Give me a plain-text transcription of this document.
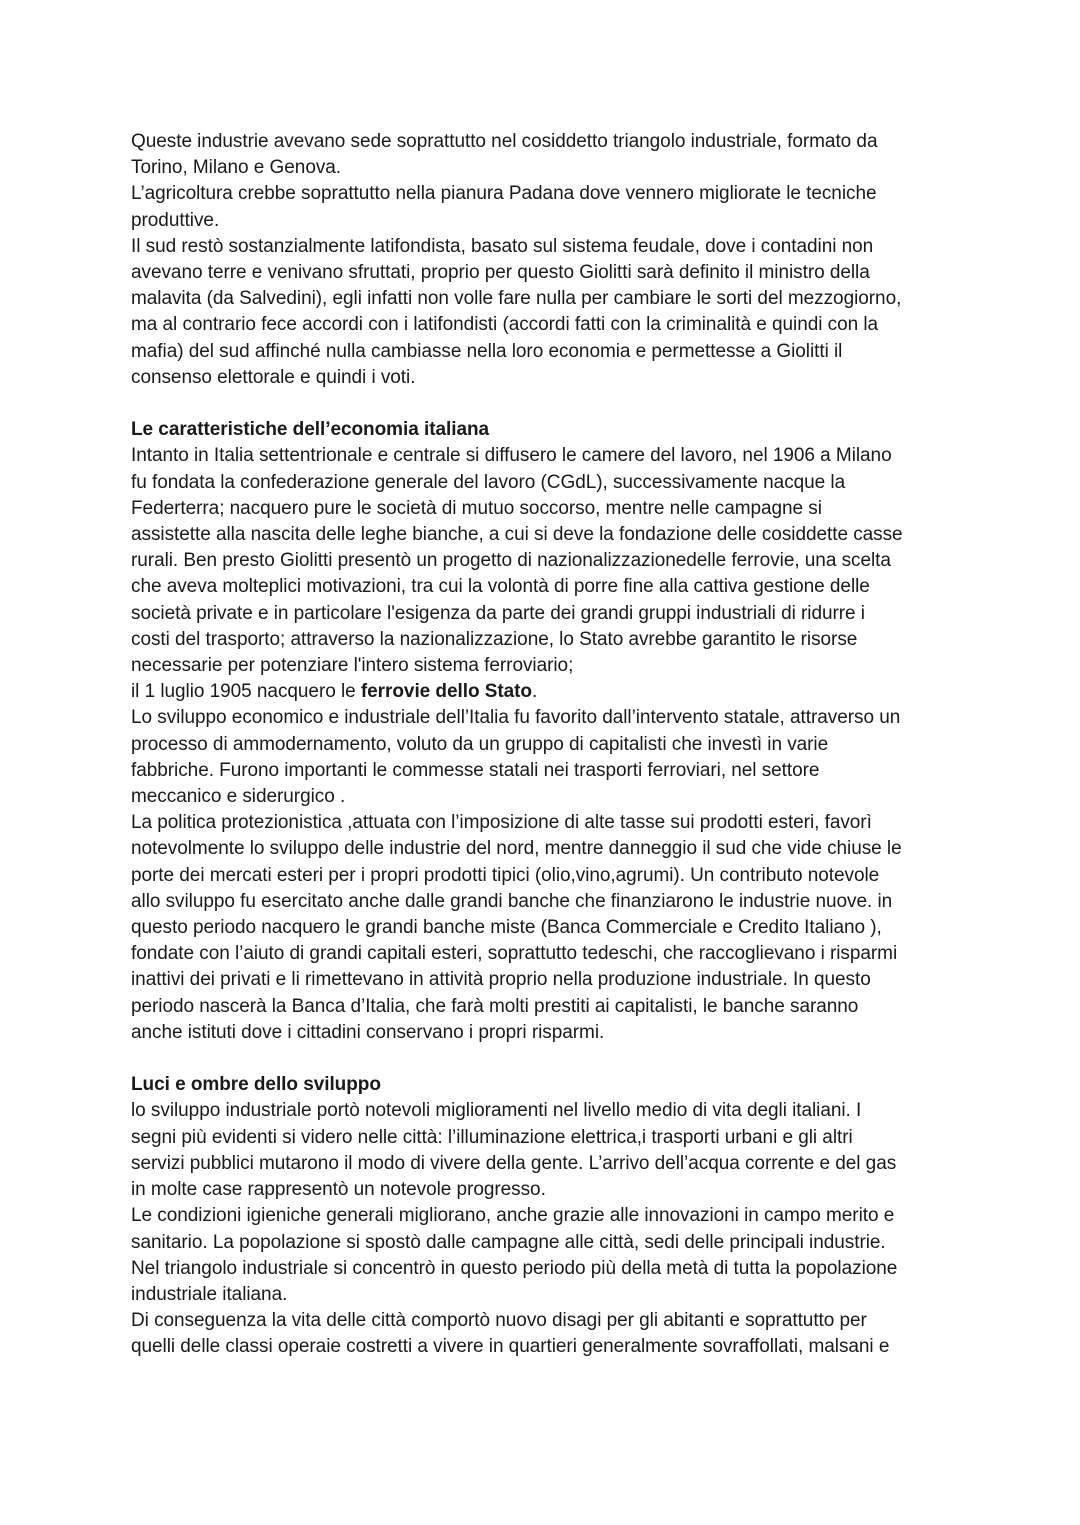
Queste industrie avevano sede soprattutto nel cosiddetto triangolo industriale, formato da
Torino, Milano e Genova.
L’agricoltura crebbe soprattutto nella pianura Padana dove vennero migliorate le tecniche
produttive.
Il sud restò sostanzialmente latifondista, basato sul sistema feudale, dove i contadini non
avevano terre e venivano sfruttati, proprio per questo Giolitti sarà definito il ministro della
malavita (da Salvedini), egli infatti non volle fare nulla per cambiare le sorti del mezzogiorno,
ma al contrario fece accordi con i latifondisti (accordi fatti con la criminalità e quindi con la
mafia) del sud affinché nulla cambiasse nella loro economia e permettesse a Giolitti il
consenso elettorale e quindi i voti.
Le caratteristiche dell’economia italiana
Intanto in Italia settentrionale e centrale si diffusero le camere del lavoro, nel 1906 a Milano
fu fondata la confederazione generale del lavoro (CGdL), successivamente nacque la
Federterra; nacquero pure le società di mutuo soccorso, mentre nelle campagne si
assistette alla nascita delle leghe bianche, a cui si deve la fondazione delle cosiddette casse
rurali. Ben presto Giolitti presentò un progetto di nazionalizzazionedelle ferrovie, una scelta
che aveva molteplici motivazioni, tra cui la volontà di porre fine alla cattiva gestione delle
società private e in particolare l'esigenza da parte dei grandi gruppi industriali di ridurre i
costi del trasporto; attraverso la nazionalizzazione, lo Stato avrebbe garantito le risorse
necessarie per potenziare l'intero sistema ferroviario;
il 1 luglio 1905 nacquero le ferrovie dello Stato.
Lo sviluppo economico e industriale dell’Italia fu favorito dall’intervento statale, attraverso un
processo di ammodernamento, voluto da un gruppo di capitalisti che investì in varie
fabbriche. Furono importanti le commesse statali nei trasporti ferroviari, nel settore
meccanico e siderurgico .
La politica protezionistica ,attuata con l’imposizione di alte tasse sui prodotti esteri, favorì
notevolmente lo sviluppo delle industrie del nord, mentre danneggio il sud che vide chiuse le
porte dei mercati esteri per i propri prodotti tipici (olio,vino,agrumi). Un contributo notevole
allo sviluppo fu esercitato anche dalle grandi banche che finanziarono le industrie nuove. in
questo periodo nacquero le grandi banche miste (Banca Commerciale e Credito Italiano ),
fondate con l’aiuto di grandi capitali esteri, soprattutto tedeschi, che raccoglievano i risparmi
inattivi dei privati e li rimettevano in attività proprio nella produzione industriale. In questo
periodo nascerà la Banca d’Italia, che farà molti prestiti ai capitalisti, le banche saranno
anche istituti dove i cittadini conservano i propri risparmi.
Luci e ombre dello sviluppo
lo sviluppo industriale portò notevoli miglioramenti nel livello medio di vita degli italiani. I
segni più evidenti si videro nelle città: l’illuminazione elettrica,i trasporti urbani e gli altri
servizi pubblici mutarono il modo di vivere della gente. L’arrivo dell’acqua corrente e del gas
in molte case rappresentò un notevole progresso.
Le condizioni igieniche generali migliorano, anche grazie alle innovazioni in campo merito e
sanitario. La popolazione si spostò dalle campagne alle città, sedi delle principali industrie.
Nel triangolo industriale si concentrò in questo periodo più della metà di tutta la popolazione
industriale italiana.
Di conseguenza la vita delle città comportò nuovo disagi per gli abitanti e soprattutto per
quelli delle classi operaie costretti a vivere in quartieri generalmente sovraffollati, malsani e
